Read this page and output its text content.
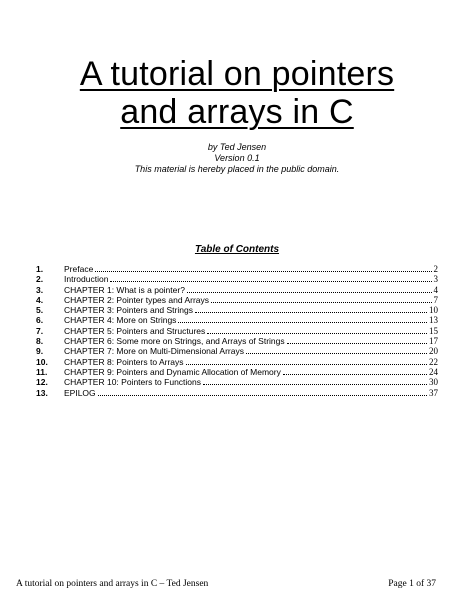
A tutorial on pointers
and arrays in C
by Ted Jensen
Version 0.1
This material is hereby placed in the public domain.
Table of Contents
1.	Preface	2
2.	Introduction	3
3.	CHAPTER 1: What is a pointer?	4
4.	CHAPTER 2: Pointer types and Arrays	7
5.	CHAPTER 3: Pointers and Strings	10
6.	CHAPTER 4: More on Strings	13
7.	CHAPTER 5: Pointers and Structures	15
8.	CHAPTER 6: Some more on Strings, and Arrays of Strings	17
9.	CHAPTER 7: More on Multi-Dimensional Arrays	20
10.	CHAPTER 8: Pointers to Arrays	22
11.	CHAPTER 9: Pointers and Dynamic Allocation of Memory	24
12.	CHAPTER 10: Pointers to Functions	30
13.	EPILOG	37
A tutorial on pointers and arrays in C – Ted Jensen	Page 1 of 37
